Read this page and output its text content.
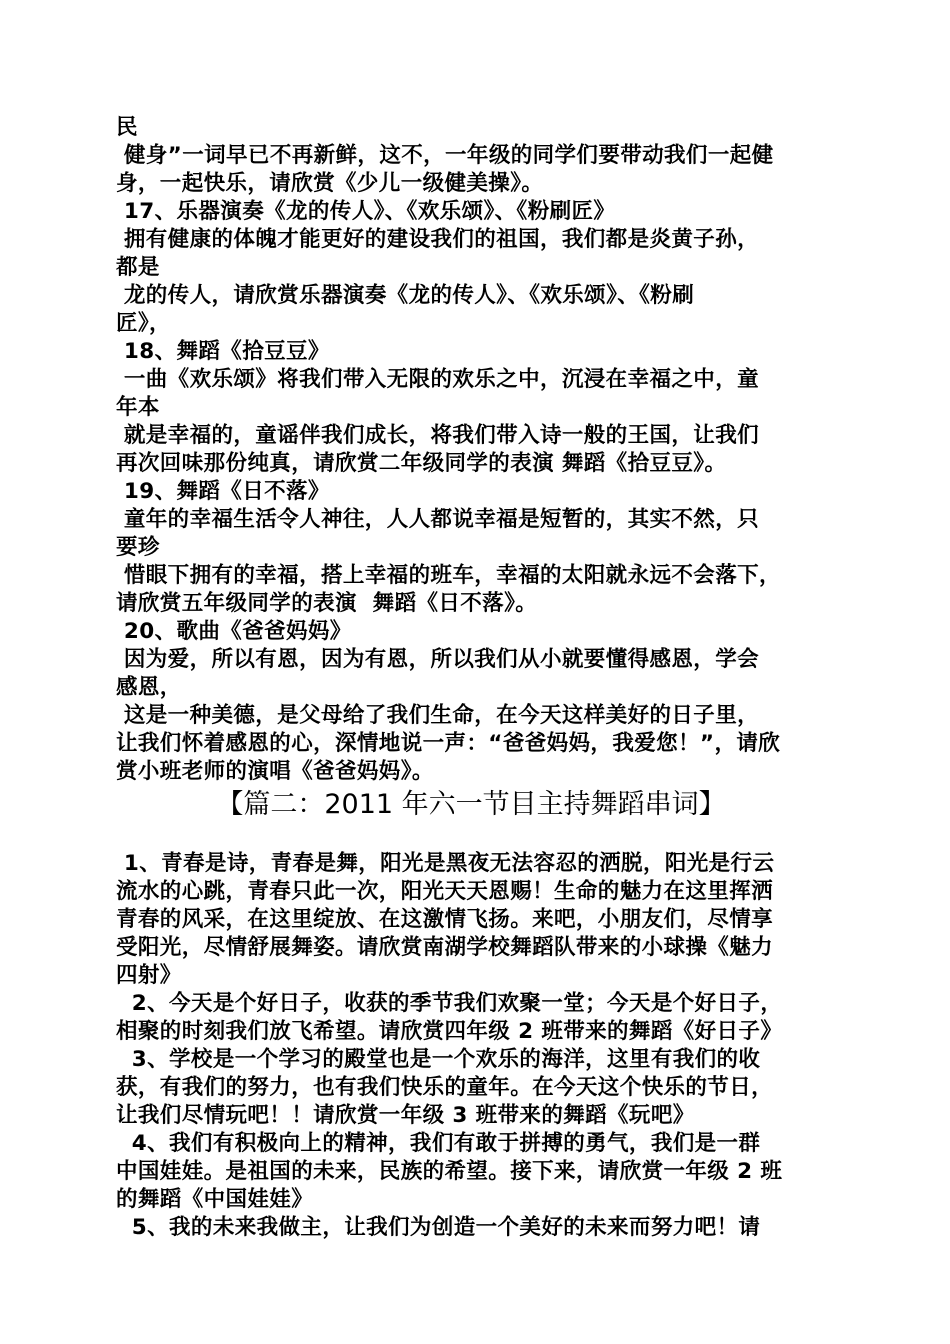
民
健身”一词早已不再新鲜，这不，一年级的同学们要带动我们一起健
身，一起快乐，请欣赏《少儿一级健美操》。
17、乐器演奏《龙的传人》、《欢乐颂》、《粉刷匠》
拥有健康的体魄才能更好的建设我们的祖国，我们都是炎黄子孙，
都是
龙的传人，请欣赏乐器演奏《龙的传人》、《欢乐颂》、《粉刷
匠》，
18、舞蹈《拾豆豆》
一曲《欢乐颂》将我们带入无限的欢乐之中，沉浸在幸福之中，童
年本
就是幸福的，童谣伴我们成长，将我们带入诗一般的王国，让我们
再次回味那份纯真，请欣赏二年级同学的表演 舞蹈《拾豆豆》。
19、舞蹈《日不落》
童年的幸福生活令人神往，人人都说幸福是短暂的，其实不然，只
要珍
惜眼下拥有的幸福，搭上幸福的班车，幸福的太阳就永远不会落下，
请欣赏五年级同学的表演  舞蹈《日不落》。
20、歌曲《爸爸妈妈》
因为爱，所以有恩，因为有恩，所以我们从小就要懂得感恩，学会
感恩，
这是一种美德，是父母给了我们生命，在今天这样美好的日子里，
让我们怀着感恩的心，深情地说一声：“爸爸妈妈，我爱您！”，请欣
赏小班老师的演唱《爸爸妈妈》。
【篇二：2011 年六一节目主持舞蹈串词】
1、青春是诗，青春是舞，阳光是黑夜无法容忍的洒脱，阳光是行云
流水的心跳，青春只此一次，阳光天天恩赐！生命的魅力在这里挥洒
青春的风采，在这里绽放、在这激情飞扬。来吧，小朋友们，尽情享
受阳光，尽情舒展舞姿。请欣赏南湖学校舞蹈队带来的小球操《魅力
四射》
2、今天是个好日子，收获的季节我们欢聚一堂；今天是个好日子，
相聚的时刻我们放飞希望。请欣赏四年级 2 班带来的舞蹈《好日子》
3、学校是一个学习的殿堂也是一个欢乐的海洋，这里有我们的收
获，有我们的努力，也有我们快乐的童年。在今天这个快乐的节日，
让我们尽情玩吧！！请欣赏一年级 3 班带来的舞蹈《玩吧》
4、我们有积极向上的精神，我们有敢于拼搏的勇气，我们是一群
中国娃娃。是祖国的未来，民族的希望。接下来，请欣赏一年级 2 班
的舞蹈《中国娃娃》
5、我的未来我做主，让我们为创造一个美好的未来而努力吧！请
